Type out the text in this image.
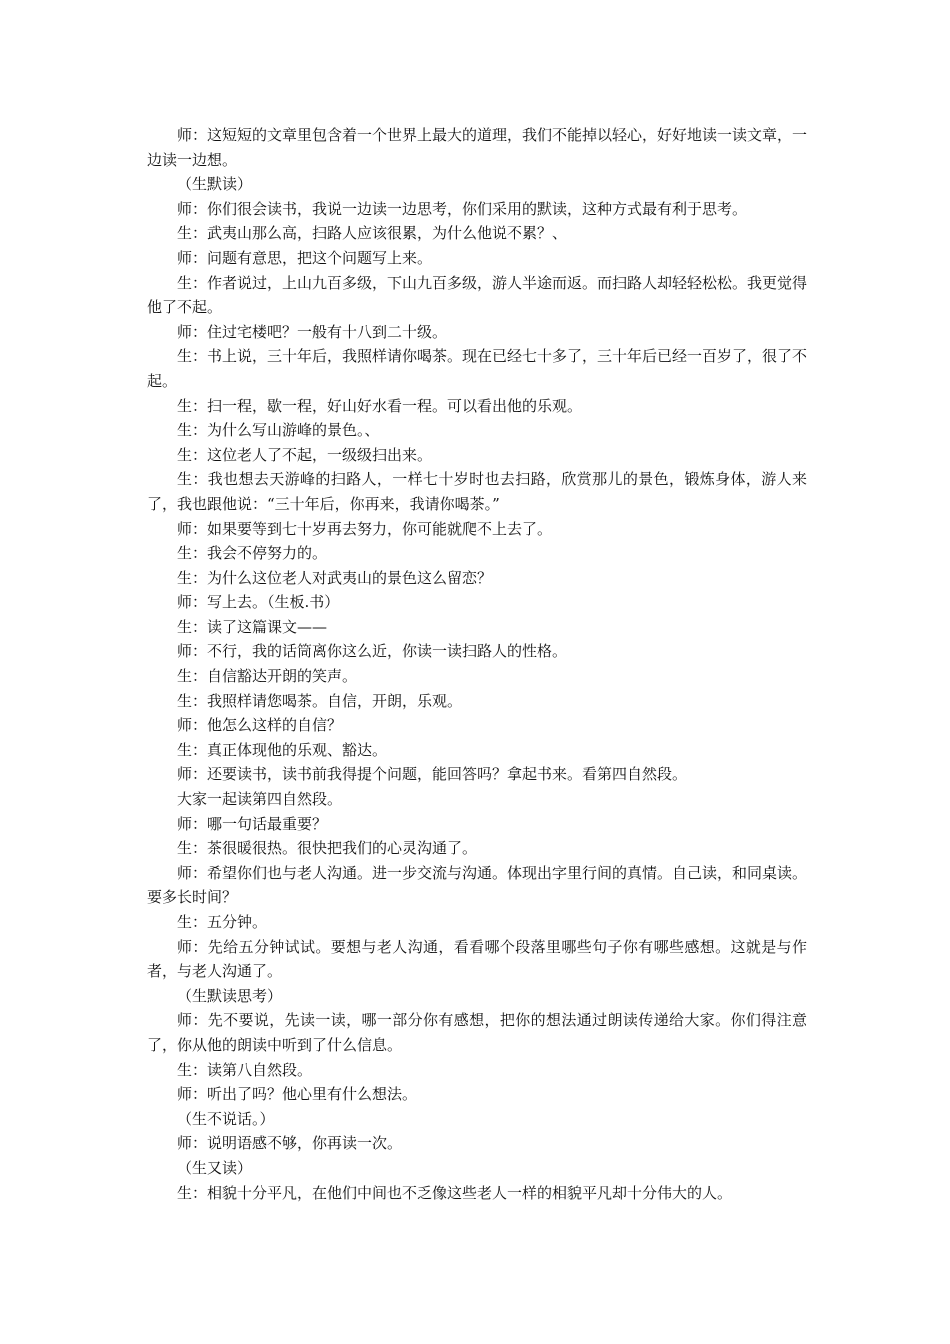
师：这短短的文章里包含着一个世界上最大的道理，我们不能掉以轻心，好好地读一读文章，一边读一边想。

（生默读）

师：你们很会读书，我说一边读一边思考，你们采用的默读，这种方式最有利于思考。

生：武夷山那么高，扫路人应该很累，为什么他说不累？、

师：问题有意思，把这个问题写上来。

生：作者说过，上山九百多级，下山九百多级，游人半途而返。而扫路人却轻轻松松。我更觉得他了不起。

师：住过宅楼吧？一般有十八到二十级。

生：书上说，三十年后，我照样请你喝茶。现在已经七十多了，三十年后已经一百岁了，很了不起。

生：扫一程，歇一程，好山好水看一程。可以看出他的乐观。

生：为什么写山游峰的景色。、

生：这位老人了不起，一级级扫出来。

生：我也想去天游峰的扫路人，一样七十岁时也去扫路，欣赏那儿的景色，锻炼身体，游人来了，我也跟他说：“三十年后，你再来，我请你喝茶。”

师：如果要等到七十岁再去努力，你可能就爬不上去了。

生：我会不停努力的。

生：为什么这位老人对武夷山的景色这么留恋？

师：写上去。（生板.书）

生：读了这篇课文——

师：不行，我的话筒离你这么近，你读一读扫路人的性格。

生：自信豁达开朗的笑声。

生：我照样请您喝茶。自信，开朗，乐观。

师：他怎么这样的自信？

生：真正体现他的乐观、豁达。

师：还要读书，读书前我得提个问题，能回答吗？拿起书来。看第四自然段。

大家一起读第四自然段。

师：哪一句话最重要？

生：茶很暖很热。很快把我们的心灵沟通了。

师：希望你们也与老人沟通。进一步交流与沟通。体现出字里行间的真情。自己读，和同桌读。要多长时间？

生：五分钟。

师：先给五分钟试试。要想与老人沟通，看看哪个段落里哪些句子你有哪些感想。这就是与作者，与老人沟通了。

（生默读思考）

师：先不要说，先读一读，哪一部分你有感想，把你的想法通过朗读传递给大家。你们得注意了，你从他的朗读中听到了什么信息。

生：读第八自然段。

师：听出了吗？他心里有什么想法。

（生不说话。）

师：说明语感不够，你再读一次。

（生又读）

生：相貌十分平凡，在他们中间也不乏像这些老人一样的相貌平凡却十分伟大的人。
